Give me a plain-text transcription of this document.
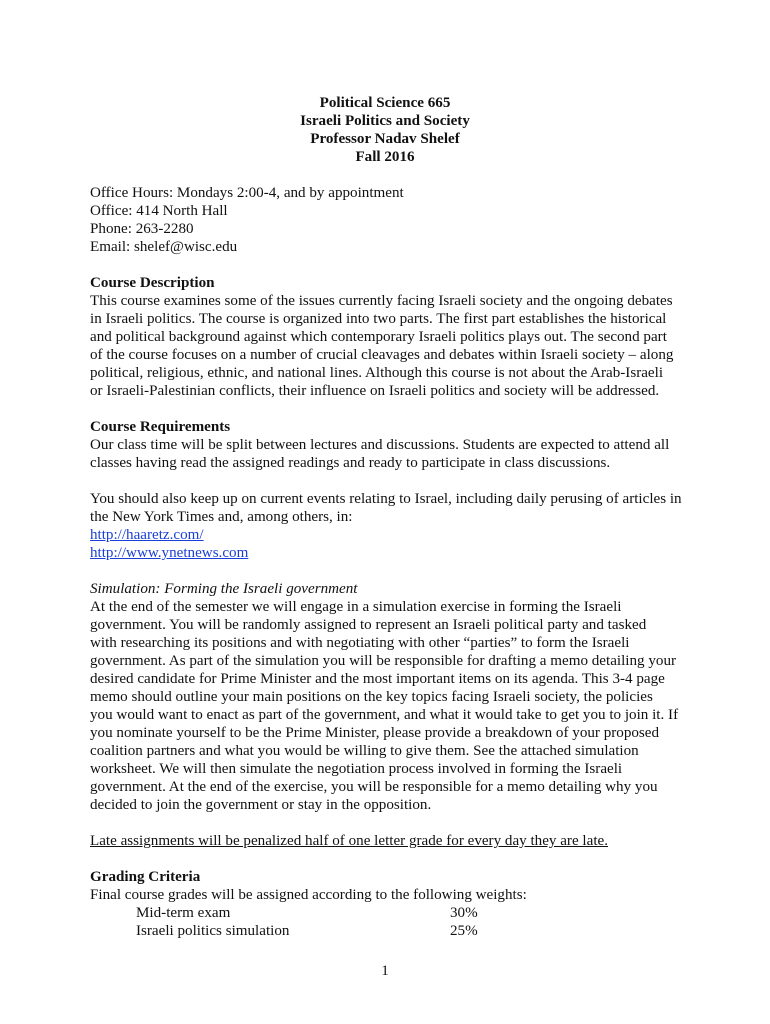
Political Science 665
Israeli Politics and Society
Professor Nadav Shelef
Fall 2016
Office Hours: Mondays 2:00-4, and by appointment
Office: 414 North Hall
Phone: 263-2280
Email: shelef@wisc.edu
Course Description
This course examines some of the issues currently facing Israeli society and the ongoing debates
in Israeli politics. The course is organized into two parts. The first part establishes the historical
and political background against which contemporary Israeli politics plays out. The second part
of the course focuses on a number of crucial cleavages and debates within Israeli society – along
political, religious, ethnic, and national lines. Although this course is not about the Arab-Israeli
or Israeli-Palestinian conflicts, their influence on Israeli politics and society will be addressed.
Course Requirements
Our class time will be split between lectures and discussions. Students are expected to attend all
classes having read the assigned readings and ready to participate in class discussions.
You should also keep up on current events relating to Israel, including daily perusing of articles in
the New York Times and, among others, in:
http://haaretz.com/
http://www.ynetnews.com
Simulation: Forming the Israeli government
At the end of the semester we will engage in a simulation exercise in forming the Israeli
government. You will be randomly assigned to represent an Israeli political party and tasked
with researching its positions and with negotiating with other “parties” to form the Israeli
government. As part of the simulation you will be responsible for drafting a memo detailing your
desired candidate for Prime Minister and the most important items on its agenda. This 3-4 page
memo should outline your main positions on the key topics facing Israeli society, the policies
you would want to enact as part of the government, and what it would take to get you to join it. If
you nominate yourself to be the Prime Minister, please provide a breakdown of your proposed
coalition partners and what you would be willing to give them. See the attached simulation
worksheet. We will then simulate the negotiation process involved in forming the Israeli
government. At the end of the exercise, you will be responsible for a memo detailing why you
decided to join the government or stay in the opposition.
Late assignments will be penalized half of one letter grade for every day they are late.
Grading Criteria
Final course grades will be assigned according to the following weights:
Mid-term exam	30%
Israeli politics simulation	25%
1
